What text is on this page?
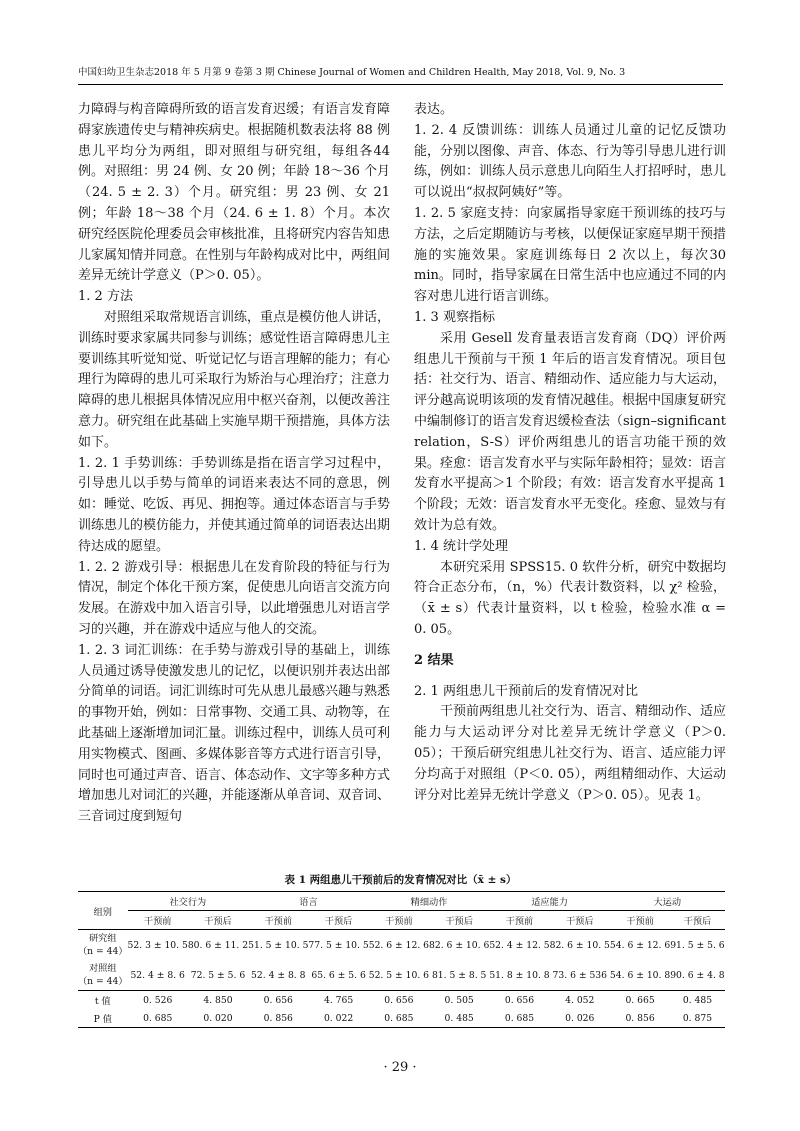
中国妇幼卫生杂志2018 年 5 月第 9 卷第 3 期 Chinese Journal of Women and Children Health, May 2018, Vol. 9, No. 3

力障碍与构音障碍所致的语言发育迟缓；有语言发育障碍家族遗传史与精神疾病史。根据随机数表法将 88 例患儿平均分为两组，即对照组与研究组，每组各44 例。对照组：男 24 例、女 20 例；年龄 18～36 个月（24. 5 ± 2. 3）个月。研究组：男 23 例、女 21 例；年龄 18～38 个月（24. 6 ± 1. 8）个月。本次研究经医院伦理委员会审核批准，且将研究内容告知患儿家属知情并同意。在性别与年龄构成对比中，两组间差异无统计学意义（P＞0. 05）。

1. 2 方法

对照组采取常规语言训练，重点是模仿他人讲话，训练时要求家属共同参与训练；感觉性语言障碍患儿主要训练其听觉知觉、听觉记忆与语言理解的能力；有心理行为障碍的患儿可采取行为矫治与心理治疗；注意力障碍的患儿根据具体情况应用中枢兴奋剂，以便改善注意力。研究组在此基础上实施早期干预措施，具体方法如下。

1. 2. 1 手势训练：手势训练是指在语言学习过程中，引导患儿以手势与简单的词语来表达不同的意思，例如：睡觉、吃饭、再见、拥抱等。通过体态语言与手势训练患儿的模仿能力，并使其通过简单的词语表达出期待达成的愿望。

1. 2. 2 游戏引导：根据患儿在发育阶段的特征与行为情况，制定个体化干预方案，促使患儿向语言交流方向发展。在游戏中加入语言引导，以此增强患儿对语言学习的兴趣，并在游戏中适应与他人的交流。

1. 2. 3 词汇训练：在手势与游戏引导的基础上，训练人员通过诱导使激发患儿的记忆，以便识别并表达出部分简单的词语。词汇训练时可先从患儿最感兴趣与熟悉的事物开始，例如：日常事物、交通工具、动物等，在此基础上逐渐增加词汇量。训练过程中，训练人员可利用实物模式、图画、多媒体影音等方式进行语言引导，同时也可通过声音、语言、体态动作、文字等多种方式增加患儿对词汇的兴趣，并能逐渐从单音词、双音词、三音词过度到短句

表达。

1. 2. 4 反馈训练：训练人员通过儿童的记忆反馈功能，分别以图像、声音、体态、行为等引导患儿进行训练，例如：训练人员示意患儿向陌生人打招呼时，患儿可以说出“叔叔阿姨好”等。

1. 2. 5 家庭支持：向家属指导家庭干预训练的技巧与方法，之后定期随访与考核，以便保证家庭早期干预措施的实施效果。家庭训练每日 2 次以上，每次30 min。同时，指导家属在日常生活中也应通过不同的内容对患儿进行语言训练。

1. 3 观察指标

采用 Gesell 发育量表语言发育商（DQ）评价两组患儿干预前与干预 1 年后的语言发育情况。项目包括：社交行为、语言、精细动作、适应能力与大运动，评分越高说明该项的发育情况越佳。根据中国康复研究中编制修订的语言发育迟缓检查法（sign–significant relation，S-S）评价两组患儿的语言功能干预的效果。痊愈：语言发育水平与实际年龄相符；显效：语言发育水平提高＞1 个阶段；有效：语言发育水平提高 1 个阶段；无效：语言发育水平无变化。痊愈、显效与有效计为总有效。

1. 4 统计学处理

本研究采用 SPSS15. 0 软件分析，研究中数据均符合正态分布，（n，%）代表计数资料，以 χ² 检验，（x̄ ± s）代表计量资料，以 t 检验，检验水准 α = 0. 05。

2 结果
2. 1 两组患儿干预前后的发育情况对比

干预前两组患儿社交行为、语言、精细动作、适应能力与大运动评分对比差异无统计学意义（P＞0. 05）；干预后研究组患儿社交行为、语言、适应能力评分均高于对照组（P＜0. 05），两组精细动作、大运动评分对比差异无统计学意义（P＞0. 05）。见表 1。

表 1 两组患儿干预前后的发育情况对比（x̄ ± s）
组别	社交行为		语言		精细动作		适应能力		大运动	
	干预前	干预后	干预前	干预后	干预前	干预后	干预前	干预后	干预前	干预后
研究组
（n = 44）	52. 3 ± 10. 5	80. 6 ± 11. 2	51. 5 ± 10. 5	77. 5 ± 10. 5	52. 6 ± 12. 6	82. 6 ± 10. 6	52. 4 ± 12. 5	82. 6 ± 10. 5	54. 6 ± 12. 6	91. 5 ± 5. 6
对照组
（n = 44）	52. 4 ± 8. 6	72. 5 ± 5. 6	52. 4 ± 8. 8	65. 6 ± 5. 6	52. 5 ± 10. 6	81. 5 ± 8. 5	51. 8 ± 10. 8	73. 6 ± 536	54. 6 ± 10. 8	90. 6 ± 4. 8
t 值	0. 526	4. 850	0. 656	4. 765	0. 656	0. 505	0. 656	4. 052	0. 665	0. 485
P 值	0. 685	0. 020	0. 856	0. 022	0. 685	0. 485	0. 685	0. 026	0. 856	0. 875
· 29 ·
